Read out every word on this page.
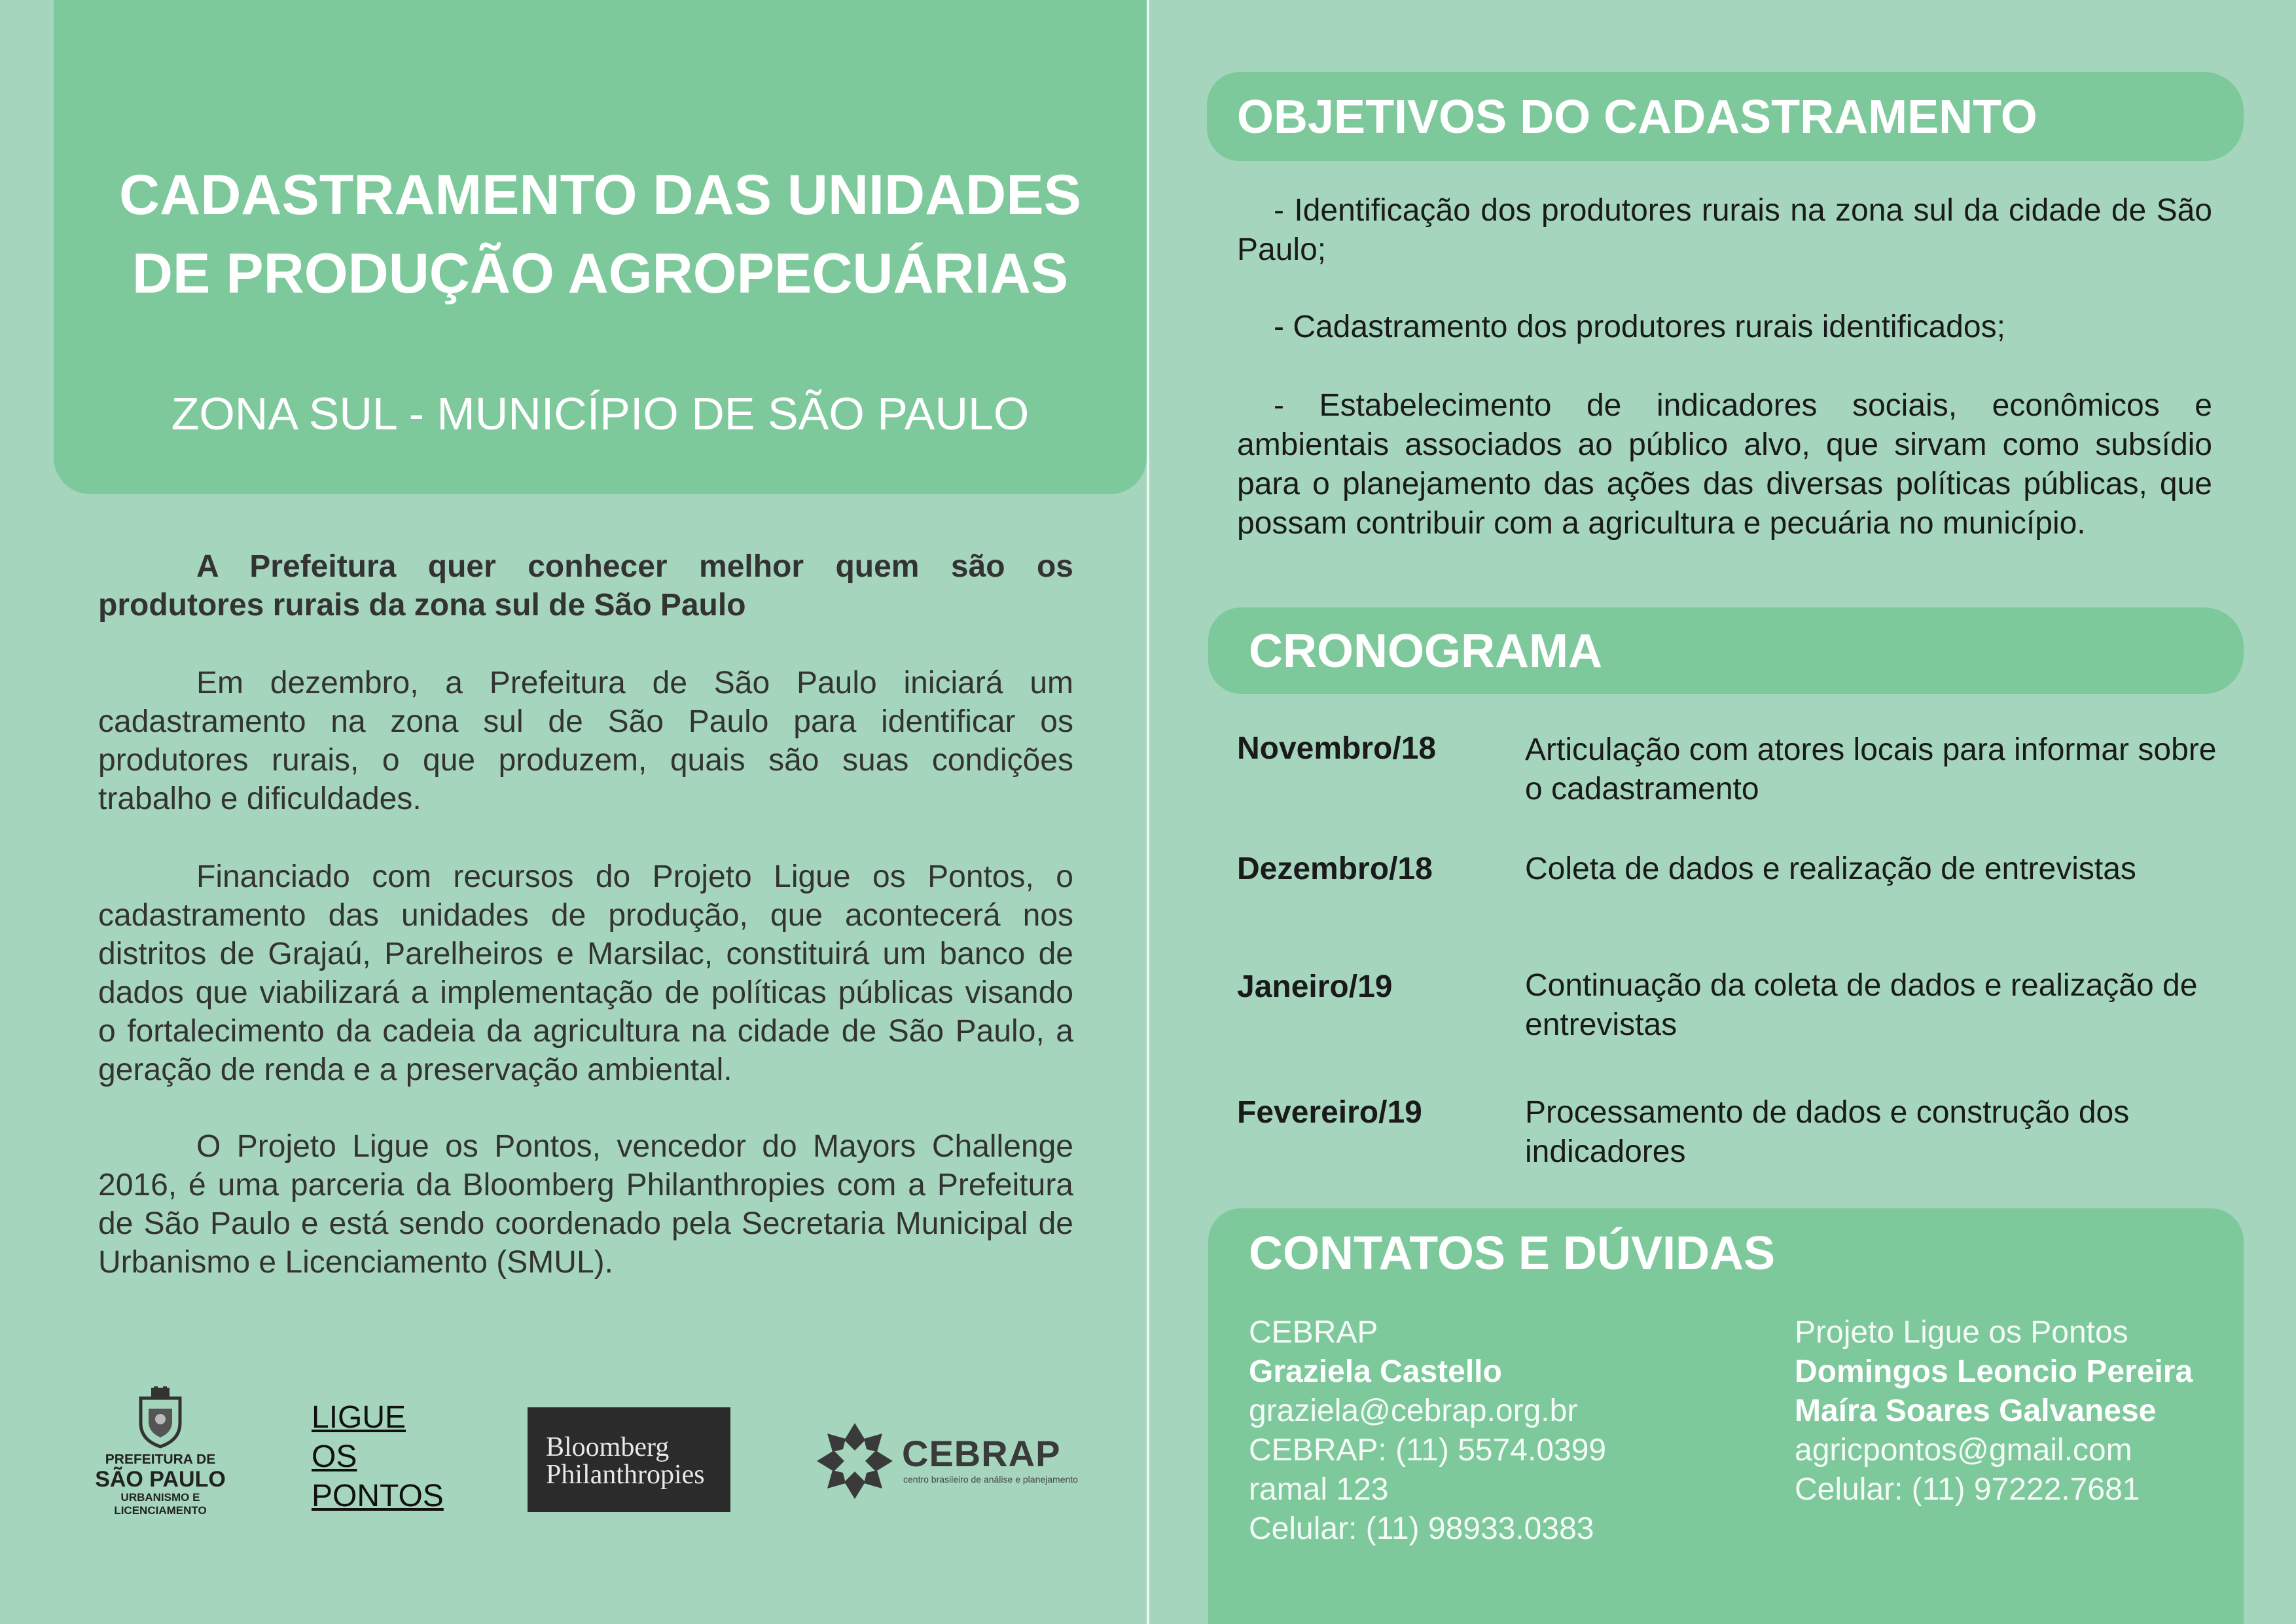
CADASTRAMENTO DAS UNIDADES
DE PRODUÇÃO AGROPECUÁRIAS

ZONA SUL - MUNICÍPIO DE SÃO PAULO

A Prefeitura quer conhecer melhor quem são os produtores rurais da zona sul de São Paulo

Em dezembro, a Prefeitura de São Paulo iniciará um cadastramento na zona sul de São Paulo para identificar os produtores rurais, o que produzem, quais são suas condições trabalho e dificuldades.

Financiado com recursos do Projeto Ligue os Pontos, o cadastramento das unidades de produção, que acontecerá nos distritos de Grajaú, Parelheiros e Marsilac, constituirá um banco de dados que viabilizará a implementação de políticas públicas visando o fortalecimento da cadeia da agricultura na cidade de São Paulo, a geração de renda e a preservação ambiental.

O Projeto Ligue os Pontos, vencedor do Mayors Challenge 2016, é uma parceria da Bloomberg Philanthropies com a Prefeitura de São Paulo e está sendo coordenado pela Secretaria Municipal de Urbanismo e Licenciamento (SMUL).

PREFEITURA DE
SÃO PAULO
URBANISMO E
LICENCIAMENTO
LIGUE
OS
PONTOS
Bloomberg
Philanthropies
CEBRAP
centro brasileiro de análise e planejamento
OBJETIVOS DO CADASTRAMENTO

- Identificação dos produtores rurais na zona sul da cidade de São Paulo;

- Cadastramento dos produtores rurais identificados;

- Estabelecimento de indicadores sociais, econômicos e ambientais associados ao público alvo, que sirvam como subsídio para o planejamento das ações das diversas políticas públicas, que possam contribuir com a agricultura e pecuária no município.

CRONOGRAMA

Novembro/18	Articulação com atores locais para informar sobre o cadastramento

Dezembro/18	Coleta de dados e realização de entrevistas

Janeiro/19	Continuação da coleta de dados e realização de entrevistas

Fevereiro/19	Processamento de dados e construção dos indicadores

CONTATOS E DÚVIDAS
CEBRAP
Graziela Castello
graziela@cebrap.org.br
CEBRAP: (11) 5574.0399
ramal 123
Celular: (11) 98933.0383
Projeto Ligue os Pontos
Domingos Leoncio Pereira
Maíra Soares Galvanese
agricpontos@gmail.com
Celular: (11) 97222.7681
